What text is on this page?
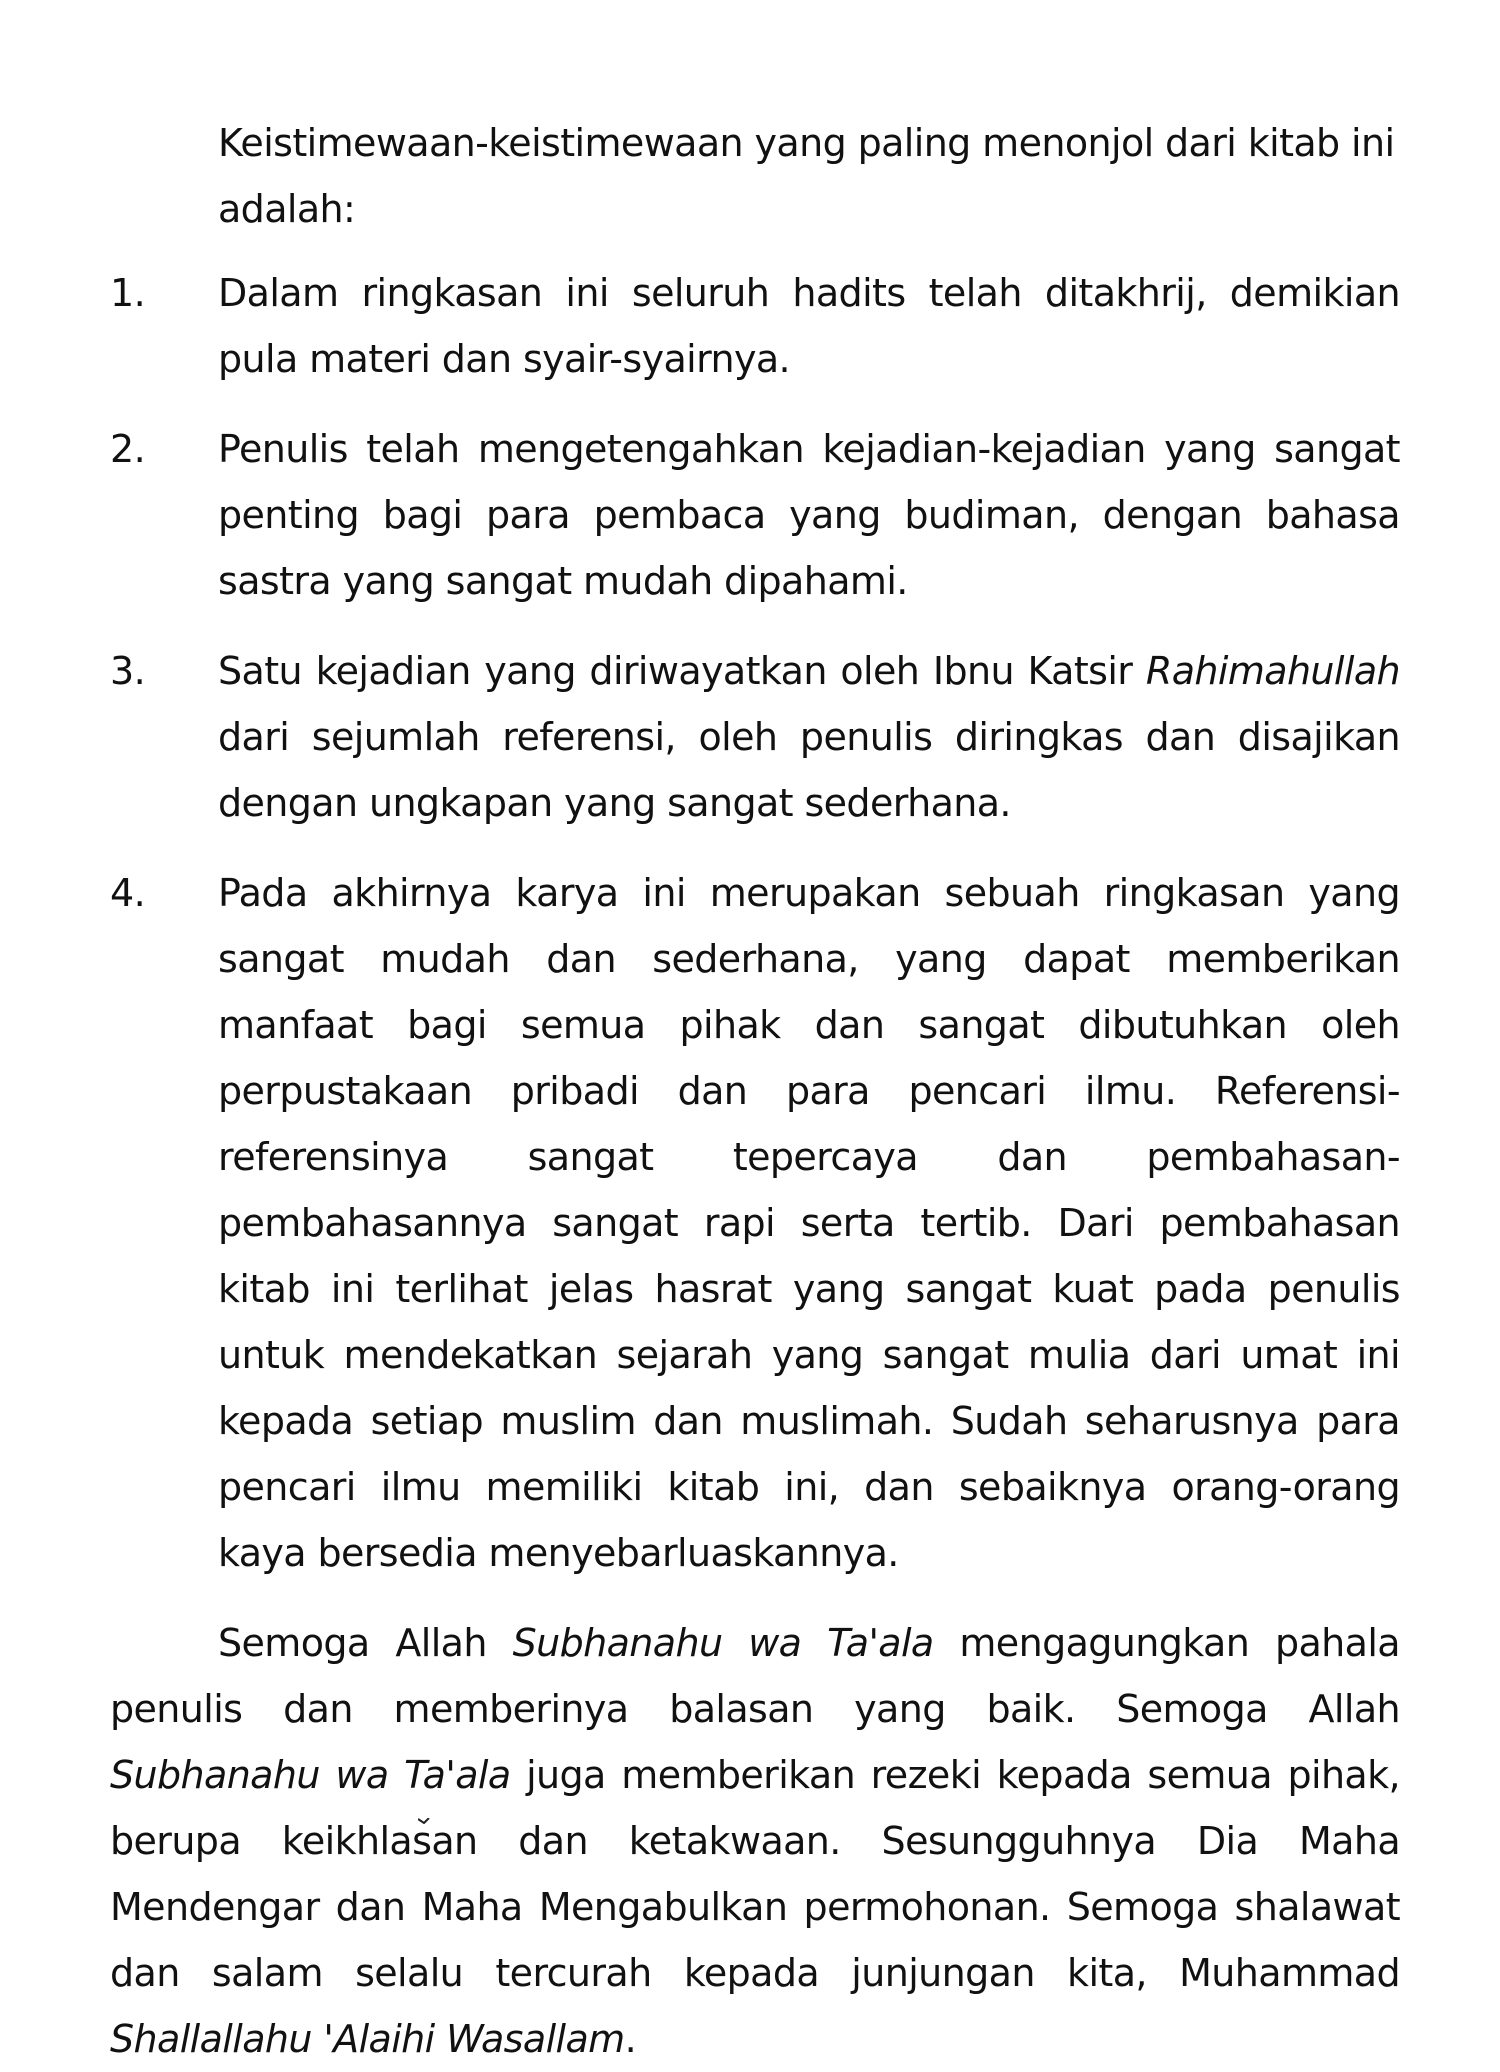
Keistimewaan-keistimewaan yang paling menonjol dari kitab ini adalah:

1.	Dalam ringkasan ini seluruh hadits telah ditakhrij, demikian pula materi dan syair-syairnya.
2.	Penulis telah mengetengahkan kejadian-kejadian yang sangat penting bagi para pembaca yang budiman, dengan bahasa sastra yang sangat mudah dipahami.
3.	Satu kejadian yang diriwayatkan oleh Ibnu Katsir Rahimahullah dari sejumlah referensi, oleh penulis diringkas dan disajikan dengan ungkapan yang sangat sederhana.
4.	Pada akhirnya karya ini merupakan sebuah ringkasan yang sangat mudah dan sederhana, yang dapat memberikan manfaat bagi semua pihak dan sangat dibutuhkan oleh perpustakaan pribadi dan para pencari ilmu. Referensi-referensinya sangat tepercaya dan pembahasan-pembahasannya sangat rapi serta tertib. Dari pembahasan kitab ini terlihat jelas hasrat yang sangat kuat pada penulis untuk mendekatkan sejarah yang sangat mulia dari umat ini kepada setiap muslim dan muslimah. Sudah seharusnya para pencari ilmu memiliki kitab ini, dan sebaiknya orang-orang kaya bersedia menyebarluaskannya.

Semoga Allah Subhanahu wa Ta'ala mengagungkan pahala penulis dan memberinya balasan yang baik. Semoga Allah Subhanahu wa Ta'ala juga memberikan rezeki kepada semua pihak, berupa keikhlasan dan ketakwaan. Sesungguhnya Dia Maha Mendengar dan Maha Mengabulkan permohonan. Semoga shalawat dan salam selalu tercurah kepada junjungan kita, Muhammad Shallallahu 'Alaihi Wasallam.
